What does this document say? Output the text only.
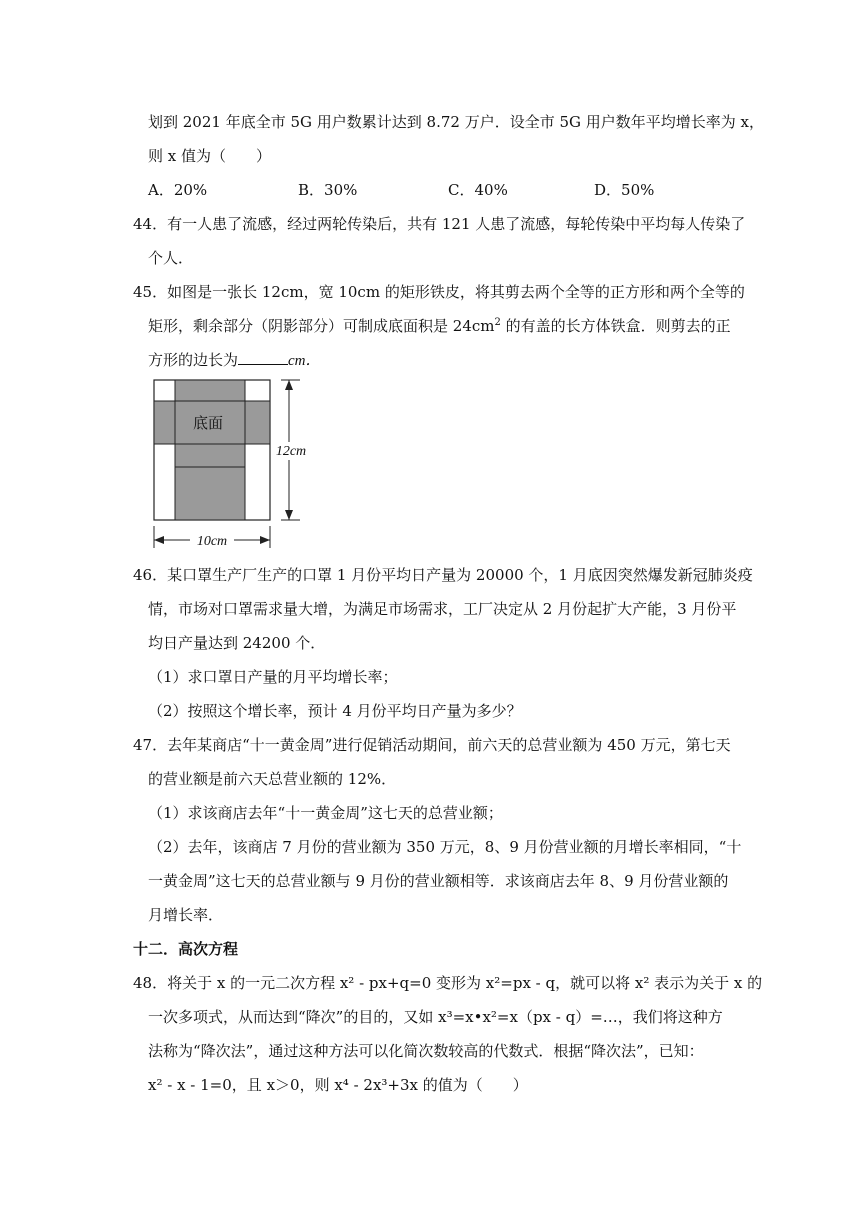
划到 2021 年底全市 5G 用户数累计达到 8.72 万户．设全市 5G 用户数年平均增长率为 x，
则 x 值为（　　）
A．20%	B．30%	C．40%	D．50%
44．有一人患了流感，经过两轮传染后，共有 121 人患了流感，每轮传染中平均每人传染了
个人．
45．如图是一张长 12cm，宽 10cm 的矩形铁皮，将其剪去两个全等的正方形和两个全等的
矩形，剩余部分（阴影部分）可制成底面积是 $24cm^2$ 的有盖的长方体铁盒．则剪去的正
方形的边长为	cm．
底面
12cm
10cm
46．某口罩生产厂生产的口罩 1 月份平均日产量为 20000 个，1 月底因突然爆发新冠肺炎疫
情，市场对口罩需求量大增，为满足市场需求，工厂决定从 2 月份起扩大产能，3 月份平
均日产量达到 24200 个．
（1）求口罩日产量的月平均增长率；
（2）按照这个增长率，预计 4 月份平均日产量为多少？
47．去年某商店“十一黄金周”进行促销活动期间，前六天的总营业额为 450 万元，第七天
的营业额是前六天总营业额的 12%．
（1）求该商店去年“十一黄金周”这七天的总营业额；
（2）去年，该商店 7 月份的营业额为 350 万元，8、9 月份营业额的月增长率相同，“十
一黄金周”这七天的总营业额与 9 月份的营业额相等．求该商店去年 8、9 月份营业额的
月增长率．
十二．高次方程
48．将关于 x 的一元二次方程 x² - px+q=0 变形为 x²=px - q，就可以将 x² 表示为关于 x 的
一次多项式，从而达到“降次”的目的，又如 x³=x•x²=x（px - q）=…，我们将这种方
法称为“降次法”，通过这种方法可以化简次数较高的代数式．根据“降次法”，已知：
x² - x - 1=0，且 x＞0，则 x⁴ - 2x³+3x 的值为（　　）
